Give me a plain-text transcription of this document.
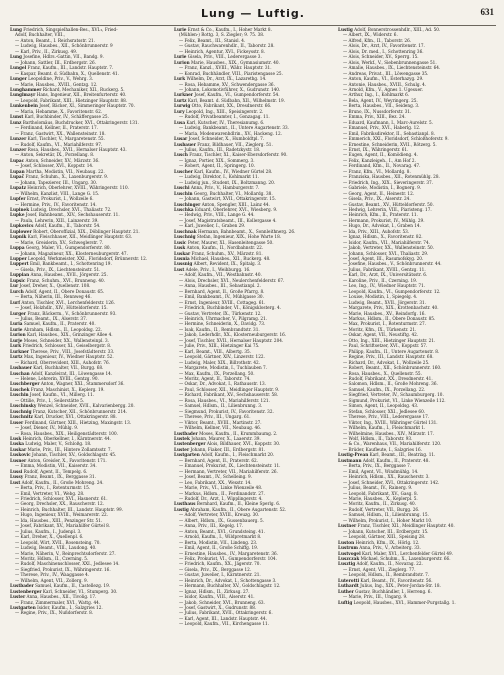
Lung — Luftig.	631
Lung Friedrich, Singspielhallen-Bes., XVI.₂, Fried-
Adolf, Buchhalter, VIII.,
— Anton, Beamt., I. Reichsratsstr. 21.
— Ludwig, Hausbes., XII., Schönbrunnerstr. 9
— Karl, Priv., II., Zirkusg. 49.
Lung Josefine, Hdlrs.-Gattin, VII., Bandg. 9.
— Johann, Sattler, III., Erdbergstr. 26.
Lungel Franz, Kaufm., III., Landstr. Hauptstr. 7.
— Kaspar, Beamt. d. Südbahn, X., Quellenstr. 41.
Lunger Leopoldine, Priv., V., Wehrg. 3.
— Marie, Hausbes., XVIII., Gentzg. 12.
Lunghammer Richard, Mechaniker, XII., Ruckerg. 5.
Lunglmayr Hans, Ingenieur, XII., Breitenfurterstr. 40.
— Leopold, Fabrikant, XIII., Hietzinger Hauptstr. 88.
Lunkenbein Josef, Bäcker, XI., Simmeringer Hauptstr. 70.
— Maria, Hebamme, X., Favoritenstr. 62.
Lunst Karl, Buchbinder, IV., Schäffergasse 25.
Lunz Bartholomäus, Buchdrucker, XVI., Ottakringerstr. 131.
— Ferdinand, Kellner, II., Praterstr. 17.
— Franz, Gastwirt, XX., Wallensteinstr. 18.
Lunzer Karl, Tischler, V., Margaretenstr. 55.
— Rudolf, Kaufm., VI., Mariahilferstr. 97.
Lunzer Rosa, Hausbes., XVII., Hernalser Hauptstr. 43.
— Anton, Sekretär, IX., Porzellang. 8.
Lupac Anton, Schneider, XV., Märzstr. 36.
— Josef, Schlosser, XVI., Koppstr. 14.
Lupan Martha, Modistin, VII., Neubaug. 22.
Lupač Franz, Schuhm., X., Laxenburgerstr. 9.
— Johann, Tapezierer, III., Ungarg. 30.
Lupatz Heinrich, Oberlehrer, XVIII., Währingerstr. 110.
— Wilhelm, Kanzlist, VIII., Lange G. 15.
Lupfer Ernst, Prokurist, I., Wollzeile 6.
— Hermine, Priv., IV., Favoritenstr. 14.
Lupinek Ludwig, Drechsler, XVI., Thaliastr. 72.
Lupke Josef, Bahnbeamt., XIV., Sechshauserstr. 11.
— Paula, Lehrerin, XIII., Lainzerstr. 39.
Lupkovics Adolf, Kaufm., II., Taborstr. 54.
Luplower Robert, Oberoffizial, XIX., Döblinger Hauptstr. 21.
Lupnik Karl, Fleischhauer, XII., Meidlinger Hauptstr. 63.
— Marie, Greislerin, XV., Schweglerstr. 7.
Luppa Georg, Maler, VI., Gumpendorferstr. 80.
— Johann, Magazineur, XX., Klosterneuburgerstr. 47.
Lupper Leopold, Werkmeister, XXI., Floridsdorf, Brünnerstr. 12.
Luppert Emil, Bankbeamt., I., Schottenring 19.
— Gisela, Priv., IX., Liechtensteinstr. 51.
Luppian Anna, Hausbes., XVII., Jörgerstr. 25.
Lupsic Franz, Schuhm., XVI., Brunneng. 40.
Lur Josef, Dreher, X., Quellenstr. 108.
Lurch Adolf, Agent, II., Obere Donaustr. 65.
— Berta, Näherin, III., Rennweg 46.
Lurf Anton, Tischler, XVI., Lerchenfelderstr. 126.
— Josef, Holzhdlr., XIV., Hütteldorferstr. 15.
Lurger Franz, Bäckerm., V., Schönbrunnerstr. 93.
— Julius, Beamt., IX., Alserstr. 37.
Luria Samuel, Kaufm., II., Praterstr. 40.
Lurie Abraham, Hdlsm., II., Leopoldsg. 22.
Lurion Karl, Hausbes., XIX., Grinzinger Allee 4.
Lurje Moses, Schneider, XX., Wallensteinpl. 3.
Lurk Friedrich, Schlosser, XI., Geiselbergstr. 8.
Lurkner Therese, Priv., VIII., Josefstädterstr. 33.
Lurtz Max, Ingenieur, IV., Wiedner Hauptstr. 52.
— Richard, Oberrevident, XIII., Auhofstr. 76.
Lusbauer Karl, Buchhalter, VII., Burgg. 68.
Luschan Adolf, Kanzleirat, III., Löwengasse 14.
— Helene, Lehrerin, XVIII., Gentzg. 90.
Luschberger Anton, Wagner, XXI., Stammersdorf 36.
Luschek Franz, Maschinist, X., Keplerg. 19.
Luschin Josef, Kaufm., VI., Millerg. 11.
— Ottilie, Priv., I., Seilerstätte 5.
Luschinsky Wenzel, Schneider, XVII., Kalvarienbergg. 20.
Luschnig Franz, Kutscher, XII., Schönbrunnerstr. 214.
Luschnitz Karl, Drucker, XVI., Ottakringerstr. 88.
Luser Ferdinand, Gärtner, XIII., Hietzing, Maxingstr. 13.
— Josef, Diener, IV., Mühlg. 9.
— Rosa, Hausbes., XIX., Heiligenstädterstr. 100.
Lusk Heinrich, Oberkellner, I., Kärntnerstr. 44.
Luska Ludwig, Maler, V., Schloßg. 18.
Luskar Marie, Priv., III., Hintere Zollamtsstr. 7.
Luskovic Johann, Tischler, XV., Goldschlagstr. 45.
Lusner Anton, Greisler, X., Favoritenstr. 171.
— Emma, Modistin, VII., Kaiserstr. 34.
Lussi Rudolf, Agent, II., Tempelg. 6.
Lussy Franz, Beamt., IX., Berggasse 31.
Lust Adolf, Kaufm., II., Große Mohreng. 24.
— Berta, Priv., I., Rotenturmstr. 15.
— Emil, Vertreter, VI., Webg. 28.
— Friedrich, Schlosser, XVI., Hasnerstr. 61.
— Georg, Drechsler, XX., Rauscherstr. 12.
— Heinrich, Buchhalter, III., Landstr. Hauptstr. 99.
— Hugo, Ingenieur, XVIII., Weimarerstr. 22.
— Ida, Hausbes., XIII., Penzinger Str. 51.
— Josef, Fabrikant, XV., Mariahilfer Gürtel 8.
— Julius, Kaufm., I., Judenpl. 3.
— Karl, Dreher, X., Quellenpl. 6.
— Leopold, Wirt, XVII., Rosensteing. 70.
— Ludwig, Beamt., VIII., Laudong. 40.
— Marie, Näherin, V., Reinprechtsdorferstr. 27.
— Moritz, Hdlsm., II., Czerning. 5.
— Rudolf, Maschinenschlosser, XXI., Jedlesee 14.
— Siegfried, Prokurist, IX., Währingerstr. 16.
— Therese, Priv., IV., Waaggasse 4.
— Wilhelm, Agent, VII., Zollerg. 9.
Lustbader Samuel, Kaufm., II., Castellezg. 19.
Lustenberger Karl, Schneider, VI., Stumperg. 30.
Luster Anna, Hausbes., XII., Tivolig. 17.
— Franz, Zimmermaler, XVI., Wattg. 44.
Lustgarten Isidor, Kaufm., I., Salzgries 12.
— Regine, Priv., IX., Nußdorferstr. 8.
Lurie Ernst & Co., Kaufm., I., Hoher Markt 8.
(Mühlen-) Rottg. 3, S. Ziegler; 9. 75. 38.
— Felix, Beamt., III., Stanisl. 4.
— Gustav, Rauchwarenhdlr., II., Taborstr. 28.
— Heinrich, Agentur, XVI., Fickeysstr. 8.
Lurie Gisela, Priv., VIII., Lederergasse 3.
Lurion Marie, Hausbes., XIX., Gymnasiumstr. 40.
— Franz, Kanzl., XVIII., Währ. Hauptstr. 31.
— Konrad, Buchhändler, VIII., Piaristengasse 25.
Lurk Wilhelm, Dr., Arzt, IX., Lazarethg. 14.
— Rosa, Hebamme, XV., Schwendergasse 36.
— Johann, Lokomotivführer, X., Gudrunstr. 140.
Lurkner Josef, Kaufm., VI., Gumpendorferstr. 54.
Lurtz Karl, Beamt. d. Südbahn, XII., Wilhelmstr. 19.
Lurwig Otto, Fabrikant, XX., Dresdnerstr. 66.
Lury Leopold, Ing., XIII., Speisingerstr. 2.
— Rudolf, Privatbeamter, I., Gonzagag. 11.
Lusa Karl, Kutscher, IV., Theresianumg. 6.
— Ludwig, Bankbeamt., II., Untere Augartenstr. 33.
— Maria, Modenwarenhdlrin., XV., Hackeng. 12.
Lusar Josef, Schneider, X., Humboldtpl. 7.
Lusbauer Franz, Bildhauer, VII., Zieglerg. 51.
— Julius, Kaufm., III., Radetzkystr. 18.
Lusch Franz, Tischler, XI., Kaiser-Ebersdorferstr. 90.
— Ignaz, Portier, XIX., Sommerg. 3.
— Robert, Agent, II., Springerg. 10.
Luscher Karl, Kaufm., IV., Wiedner Gürtel 28.
— Ludwig, Direktor, I., Kohlmarkt 11.
— Ludwig jun., Student, IX., Boltzmanng. 20.
Luschi Anna, Priv., V., Hamburgerstr. 7.
Luschin Georg, Buchhalter, VI., Mollardg. 38.
— Johann, Gastwirt, XVII., Ottakringerstr. 15.
Luschinger Anton, Spengler, XIII., Lainz 44.
Luschka Eduard, Oberlehrer, XVI., Wiesberg. 9.
— Hedwig, Priv., VIII., Lange G. 44.
— Josef, Magistratsbeamt., III., Kollergasse 4.
— Karl, Juwelier, I., Graben 29.
Luschnak Hermann, Bahnbeamt., X., Sonnleithnerg. 26.
Luschnig Stefan, Ingenieur, XIX., Hohe Warte 18.
Lusic Peter, Maurer, XI., Hasenleitengasse 50.
Lusk Anton, Kaufm., II., Nordbahnstr. 22.
Luskar Franz, Schuhm., XV., Märzstr. 81.
Lusnia Michael, Hausbes., XII., Ruckerg. 48.
Lussnig Albert, Revident, IX., Spitalg. 3.
Lust Adele, Priv., I., Weihburgg. 16.
— Adolf, Kaufm., VII., Westbahnstr. 40.
— Alois, Drechsler, XVI., Neulerchenfelderstr. 67.
— Anna, Hausbes., III., Sebastianpl. 2.
— Bernhard, Agent, II., Große Pfarrg. 8.
— Emil, Bankbeamt., IV., Mühlgasse 30.
— Ernst, Ingenieur, XVIII., Cottageg. 61.
— Friedrich, Buchbinder, VI., Königsklosterg. 4.
— Gustav, Vertreter, IX., Türkenstr. 12.
— Heinrich, Uhrmacher, V., Pilgramg. 21.
— Hermine, Schneiderin, X., Davidg. 73.
— Isak, Kaufm., II., Rembrandtstr. 31.
— Jakob, Lederhdlr., XX., Klosterneuburgerstr. 16.
— Josef, Tischler, XVII., Hernalser Hauptstr. 204.
— Julie, Priv., XIII., Hietzinger Kai 75.
— Karl, Beamt., VIII., Albertg. 35.
— Leopold, Gärtner, XIV., Linzerstr. 122.
— Ludwig, Maler, XIX., Billrothstr. 42.
— Margarete, Modistin, I., Tuchlauben 7.
— Max, Kaufm., IX., Porzellang. 50.
— Moritz, Agent, II., Taborstr. 74.
— Oskar, Dr., Advokat, I., Rathausstr. 13.
— Paul, Schlosser, XII., Meidlinger Hauptstr. 9.
— Richard, Fabrikant, XV., Sechshauserstr. 58.
— Rosa, Hausbes., VI., Mariahilferstr. 121.
— Samuel, Hdlsm., II., Lilienbrunng. 3.
— Siegmund, Prokurist, IV., Favoritenstr. 32.
— Therese, Priv., III., Ungarg. 61.
— Viktor, Beamt., XVIII., Martinstr. 27.
— Wilhelm, Kellner, VII., Neubaug. 46.
Lustbader Moses, Kaufm., II., Krummbaumg. 2.
Lustek Johann, Maurer, X., Laaerstr. 39.
Lustenberger Alois, Bildhauer, XVI., Koppstr. 30.
Luster Johann, Fiaker, III., Erdbergstr. 81.
Lustgarten Adolf, Kaufm., I., Fleischmarkt 20.
— Bernhard, Agent, II., Praterstr. 62.
— Emanuel, Prokurist, IX., Liechtensteinstr. 11.
— Hermann, Vertreter, VII., Mariahilferstr. 26.
— Josef, Beamt., IV., Schelleing. 9.
— Leo, Fabrikant, XX., Wexstr. 14.
— Marie, Priv., VI., Linke Wienzeile 48.
— Markus, Hdlsm., II., Ferdinandstr. 27.
— Rudolf, Dr., Arzt, I., Wipplingerstr. 4.
Lusthaus Bernhard, Kaufm., II., Kleine Sperlg. 6.
Lustig Abraham, Kaufm., II., Obere Augartenstr. 52.
— Adolf, Vertreter, XVIII., Kreuzg. 30.
— Albert, Hdlsm., IX., Gussenbauerg. 5.
— Anna, Priv., III., Kegelg. 17.
— Anton, Beamt., XVI., Grundsteing. 41.
— Arnold, Kaufm., I., Wildpretmarkt 8.
— Berta, Modistin, VII., Lindeng. 23.
— Emil, Agent, II., Große Schiffg. 19.
— Ernestine, Hausbes., IV., Margaretenstr. 36.
— Felix, Prokurist, VI., Gumpendorferstr. 104.
— Friedrich, Kaufm., XX., Jägerstr. 70.
— Gisela, Priv., IX., Berggasse 12.
— Gustav, Juwelier, I., Kärntnerstr. 21.
— Heinrich, Dr., Advokat, I., Schottengasse 3.
— Hermann, Buchhalter, XV., Goldschlagstr. 12.
— Ignaz, Hdlsm., II., Zirkusg. 27.
— Isidor, Kaufm., VIII., Alserstr. 41.
— Jakob, Schneider, XVI., Brunneng. 63.
— Josef, Gastwirt, X., Gudrunstr. 88.
— Julius, Fabrikant, XVII., Ottakringerstr. 6.
— Karl, Agent, III., Landstr. Hauptstr. 44.
— Leopold, Kaufm., VII., Kirchengasse 11.
Lustig Adolf, Bonnerstrossenhdlr., XIII., Ad. 50.
— Albert, IX., Widerstr. 6.
— Alfred, Kfm., II., Taborstr. 26.
— Alois, Dr., Arzt, IV., Favoritenstr. 17.
— Alois, Dr. med., I., Schottenring 36.
— Alois, Schneider, XV., Sperrg. 15.
— Alois, Werkf., V., Siebenbrunnengasse 51.
— Amalie, Hausbes., IX., Liechtensteinstr. 64.
— Andreas, Privat., III., Löwengasse 35.
— Anton, Kaufm., VI., Esterhazyg. 29.
— Antonie, Hausbes., XVIII., Schulg. 4.
— Arnold, Kfm., V., Agnes 1. Ugesuer.
— Arthur, Ing., I., Kohlmarkt 6.
— Bela, Agent, IV., Weyringerg. 25.
— Berta, Hausbes., VII., Seideng. 3.
— Bruno, IX., Nussdorferstr. 31.
— Emma, Priv., XIII., Bez. 24.
— Eduard, Kaufmann, I., Marc-Aurelstr. 5.
— Emanuel, Priv., XVI., Haberlg. 12.
— Emil, Fabriksdirektor, II., Sebastianpl. 8.
— Emmerich, XXI., Floridsdorf, Schloßhoferstr. 9.
— Ernestine, Schneiderin, XVII., Rötzerg. 5.
— Ernst, IX., Währingerstr. 61.
— Eugen, Agent, II., Komödieng. 4.
— Felix, Kanzleigeh., I., Am Hof 2.
— Ferdinand, Kfm., II., Novarag. 47.
— Franz, Kfm., VI., Mollardg. 8.
— Franziska, Hausbes., XII., Rotenmühlg. 28.
— Friedrich, Ing., XIX., Sieveringerstr. 37.
— Gabriele, Modistin, I., Bognerg. 9.
— Georg, Agent, II., Heinestr. 12.
— Gisela, Priv., IX., Alserstr. 24.
— Gustav, Beamt., XV., Hütteldorferstr. 50.
— Hedwig, Lehrerin, VIII., Piaristeng. 17.
— Heinrich, Kfm., II., Praterstr. 11.
— Hermann, Prokurist, IV., Mühlg. 29.
— Hugo, Dr., Advokat, I., Graben 14.
— Ida, Priv., XIII., Auhofstr. 53.
— Ignaz, Hdlsm., X., Favoritenstr. 82.
— Isidor, Kaufm., VII., Mariahilferstr. 74.
— Jakob, Vertreter, XX., Wallensteinstr. 50.
— Johann, Schlosser, XVI., Thaliastr. 29.
— Josef, Agent, III., Rasumofskyg. 20.
— Josefine, Hausbes., V., Schönbrunnerstr. 44.
— Julius, Fabrikant, XVIII., Gentzg. 11.
— Karl, Dr., Arzt, IX., Universitätsstr. 6.
— Karoline, Priv., II., Czerning. 19.
— Leo, Ing., IV., Wiedner Hauptstr. 71.
— Leopold, Kaufm., VI., Gumpendorferstr. 12.
— Louise, Modistin, I., Spiegelg. 4.
— Ludwig, Beamt., XVII., Jörgerstr. 31.
— Margarete, Priv., XIX., Krottenbachstr. 40.
— Marie, Hausbes., XV., Reindorfg. 16.
— Markus, Hdlsm., II., Obere Donaustr. 85.
— Max, Prokurist, I., Rotenturmstr. 27.
— Moritz, Kfm., IX., Türkenstr. 21.
— Oskar, Agent, VII., Neustiftg. 42.
— Otto, Ing., XIII., Hietzinger Hauptstr. 21.
— Paul, Schriftsetzer, XVI., Koppstr. 57.
— Philipp, Kaufm., II., Untere Augartenstr. 8.
— Regine, Priv., III., Landstr. Hauptstr. 68.
— Richard, Dr., Advokat, I., Wollzeile 25.
— Robert, Beamt., XII., Schönbrunnerstr. 160.
— Rosa, Hausbes., X., Quellenstr. 55.
— Rudolf, Fabrikant, XX., Dresdnerstr. 41.
— Salomon, Hdlsm., II., Große Mohreng. 36.
— Samuel, Kaufm., IX., Porzellang. 22.
— Siegfried, Vertreter, IV., Schaumburgerg. 10.
— Sigmund, Prokurist, VI., Linke Wienzeile 112.
— Simon, Agent, II., Leopoldsg. 43.
— Stefan, Schlosser, XXI., Jedlesee 60.
— Therese, Priv., VIII., Lederergasse 17.
— Viktor, Ing., XVIII., Währinger Gürtel 131.
— Wilhelm, Kaufm., I., Fleischmarkt 1.
— Wilhelmine, Hausbes., XIV., Märzstr. 17.
— Wolf, Hdlsm., II., Taborstr. 93.
— & Co., Warenhaus, VII., Mariahilferstr. 120.
— Brüder, Kaufleute, I., Salzgries 16.
Lustig-Prean Karl, Beamt., III., Beatrixg. 11.
Lustmann Adolf, Kaufm., II., Praterstr. 48.
— Berta, Priv., IX., Berggasse 7.
— Emil, Agent, VI., Windmühlg. 14.
— Heinrich, Hdlsm., XX., Rauscherstr. 3.
— Josef, Schneider, XVI., Ottakringerstr. 142.
— Julius, Beamt., IV., Rainerg. 9.
— Leopold, Fabrikant, XV., Gasg. 8.
— Marie, Hausbes., X., Keplerpl. 5.
— Moritz, Kaufm., II., Zirkusg. 40.
— Rudolf, Vertreter, VII., Burgg. 26.
— Samuel, Hdlsm., II., Lilienbrunng. 15.
— Wilhelm, Prokurist, I., Hoher Markt 10.
Lustner Franz, Tischler, XII., Meidlinger Hauptstr. 40.
— Johann, Kutscher, III., Erdbergstr. 15.
— Leopold, Gärtner, XIII., Speising 28.
Luston Heinrich, Kfm., IX., Hörlg. 12.
Lustrum Anna, Priv., V., Arbeiterg. 33.
Lustvogel Karl, Maler, XVI., Lerchenfelder Gürtel 49.
Luszczak Michael, Schuhm., X., Laxenburgerstr. 66.
Lusztig Adolf, Kaufm., II., Novarag. 22.
— Ernst, Agent, VII., Zieglerg. 77.
— Leopold, Hdlsm., II., Rembrandtstr. 7.
Luterotti Karl, Beamt., IV., Favoritenstr. 56.
Luthardt Julius, Ing., XIX., Peter-Jordan-Str. 18.
Luther Gustav, Buchhändler, I., Herreng. 6.
— Marie, Priv., III., Ungarg. 9.
Luftig Leopold, Hausbes., XVI., Hammer-Purgstallg. 1.
